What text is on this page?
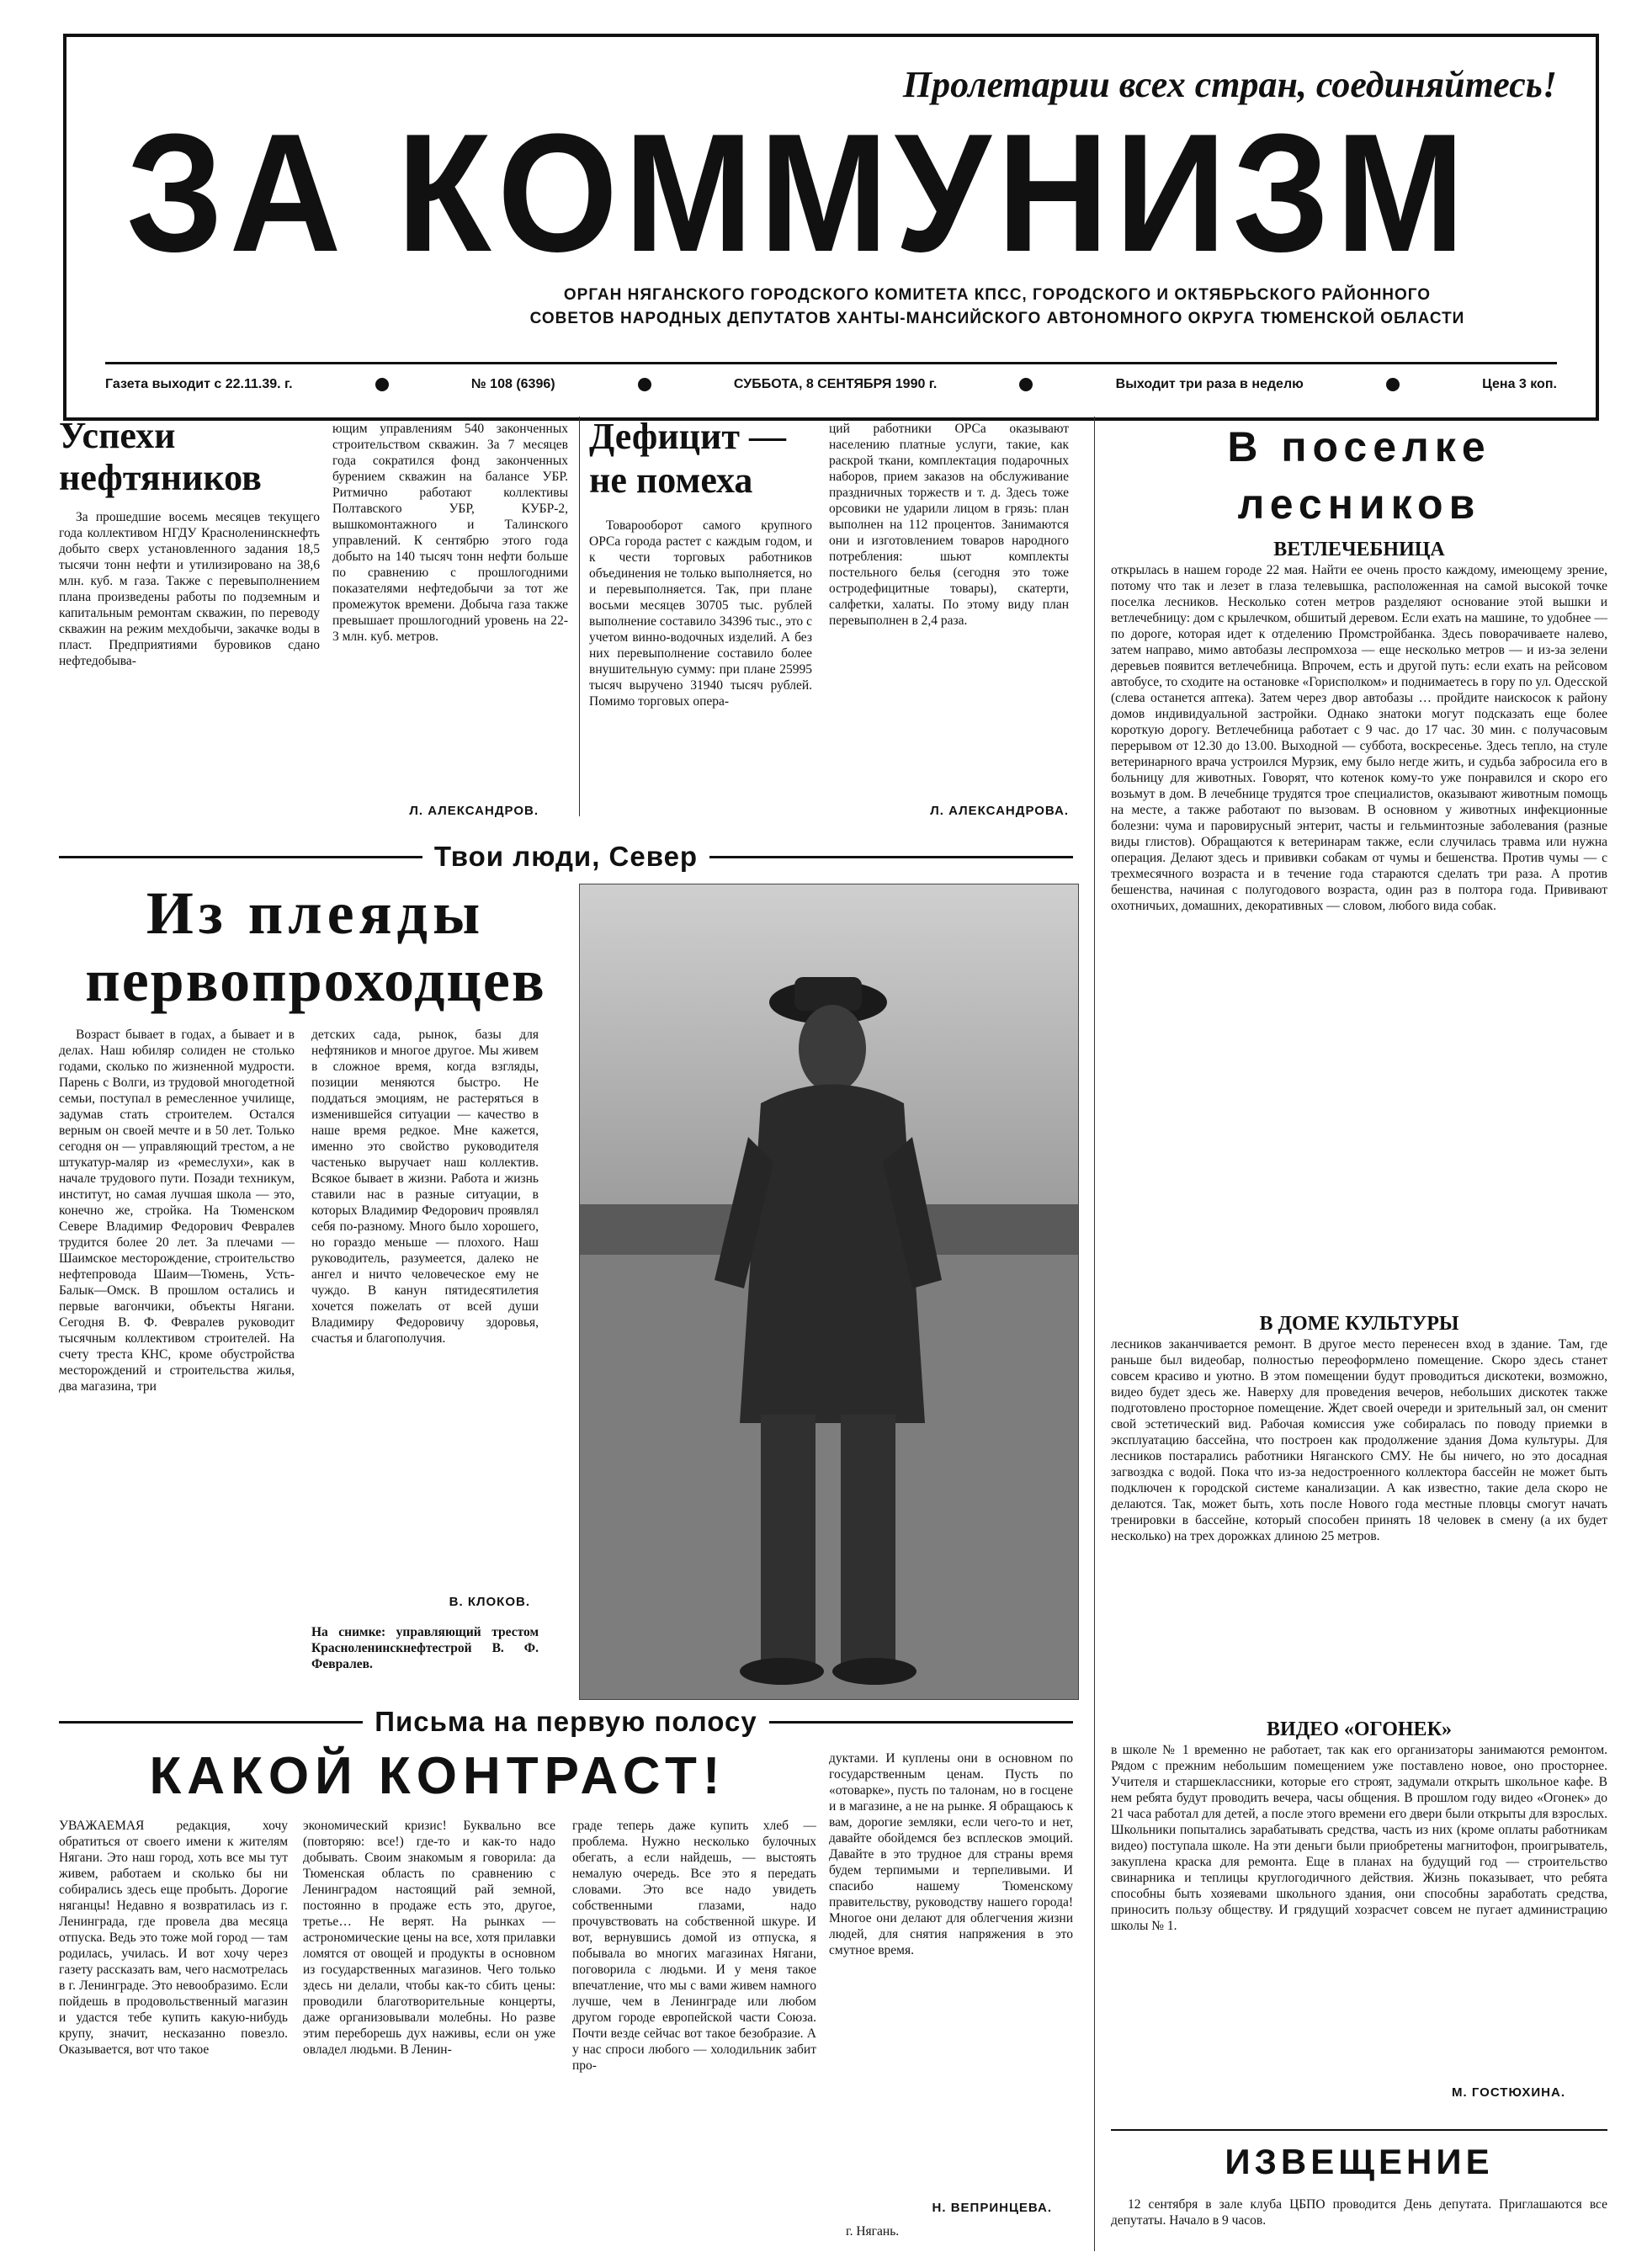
Пролетарии всех стран, соединяйтесь!
ЗА КОММУНИЗМ
ОРГАН НЯГАНСКОГО ГОРОДСКОГО КОМИТЕТА КПСС, ГОРОДСКОГО И ОКТЯБРЬСКОГО РАЙОННОГО
СОВЕТОВ НАРОДНЫХ ДЕПУТАТОВ ХАНТЫ-МАНСИЙСКОГО АВТОНОМНОГО ОКРУГА ТЮМЕНСКОЙ ОБЛАСТИ
Газета выходит с 22.11.39. г.	№ 108 (6396)	СУББОТА, 8 СЕНТЯБРЯ 1990 г.	Выходит три раза в неделю	Цена 3 коп.
Успехи нефтяников
За прошедшие восемь месяцев текущего года коллективом НГДУ Красноленинскнефть добыто сверх установленного задания 18,5 тысячи тонн нефти и утилизировано на 38,6 млн. куб. м газа. Также с перевыполнением плана произведены работы по подземным и капитальным ремонтам скважин, по переводу скважин на режим мехдобычи, закачке воды в пласт. Предприятиями буровиков сдано нефтедобыва-
ющим управлениям 540 законченных строительством скважин. За 7 месяцев года сократился фонд законченных бурением скважин на балансе УБР. Ритмично работают коллективы Полтавского УБР, КУБР-2, вышкомонтажного и Талинского управлений. К сентябрю этого года добыто на 140 тысяч тонн нефти больше по сравнению с прошлогодними показателями нефтедобычи за тот же промежуток времени. Добыча газа также превышает прошлогодний уровень на 22-3 млн. куб. метров.
Л. АЛЕКСАНДРОВ.
Дефицит — не помеха
Товарооборот самого крупного ОРСа города растет с каждым годом, и к чести торговых работников объединения не только выполняется, но и перевыполняется. Так, при плане восьми месяцев 30705 тыс. рублей выполнение составило 34396 тыс., это с учетом винно-водочных изделий. А без них перевыполнение составило более внушительную сумму: при плане 25995 тысяч выручено 31940 тысяч рублей. Помимо торговых опера-
ций работники ОРСа оказывают населению платные услуги, такие, как раскрой ткани, комплектация подарочных наборов, прием заказов на обслуживание праздничных торжеств и т. д. Здесь тоже орсовики не ударили лицом в грязь: план выполнен на 112 процентов. Занимаются они и изготовлением товаров народного потребления: шьют комплекты постельного белья (сегодня это тоже остродефицитные товары), скатерти, салфетки, халаты. По этому виду план перевыполнен в 2,4 раза.
Л. АЛЕКСАНДРОВА.
Твои люди, Север
Из плеяды
первопроходцев
Возраст бывает в годах, а бывает и в делах. Наш юбиляр солиден не столько годами, сколько по жизненной мудрости. Парень с Волги, из трудовой многодетной семьи, поступал в ремесленное училище, задумав стать строителем. Остался верным он своей мечте и в 50 лет. Только сегодня он — управляющий трестом, а не штукатур-маляр из «ремеслухи», как в начале трудового пути. Позади техникум, институт, но самая лучшая школа — это, конечно же, стройка. На Тюменском Севере Владимир Федорович Февралев трудится более 20 лет. За плечами — Шаимское месторождение, строительство нефтепровода Шаим—Тюмень, Усть-Балык—Омск. В прошлом остались и первые вагончики, объекты Нягани. Сегодня В. Ф. Февралев руководит тысячным коллективом строителей. На счету треста КНС, кроме обустройства месторождений и строительства жилья, два магазина, три
детских сада, рынок, базы для нефтяников и многое другое. Мы живем в сложное время, когда взгляды, позиции меняются быстро. Не поддаться эмоциям, не растеряться в изменившейся ситуации — качество в наше время редкое. Мне кажется, именно это свойство руководителя частенько выручает наш коллектив. Всякое бывает в жизни. Работа и жизнь ставили нас в разные ситуации, в которых Владимир Федорович проявлял себя по-разному. Много было хорошего, но гораздо меньше — плохого. Наш руководитель, разумеется, далеко не ангел и ничто человеческое ему не чуждо. В канун пятидесятилетия хочется пожелать от всей души Владимиру Федоровичу здоровья, счастья и благополучия.
В. КЛОКОВ.
На снимке: управляющий трестом Красноленинскнефтестрой В. Ф. Февралев.
В поселке
лесников
ВЕТЛЕЧЕБНИЦА
открылась в нашем городе 22 мая. Найти ее очень просто каждому, имеющему зрение, потому что так и лезет в глаза телевышка, расположенная на самой высокой точке поселка лесников. Несколько сотен метров разделяют основание этой вышки и ветлечебницу: дом с крылечком, обшитый деревом. Если ехать на машине, то удобнее — по дороге, которая идет к отделению Промстройбанка. Здесь поворачиваете налево, затем направо, мимо автобазы леспромхоза — еще несколько метров — и из-за зелени деревьев появится ветлечебница. Впрочем, есть и другой путь: если ехать на рейсовом автобусе, то сходите на остановке «Горисполком» и поднимаетесь в гору по ул. Одесской (слева останется аптека). Затем через двор автобазы … пройдите наискосок к району домов индивидуальной застройки. Однако знатоки могут подсказать еще более короткую дорогу. Ветлечебница работает с 9 час. до 17 час. 30 мин. с получасовым перерывом от 12.30 до 13.00. Выходной — суббота, воскресенье. Здесь тепло, на стуле ветеринарного врача устроился Мурзик, ему было негде жить, и судьба забросила его в больницу для животных. Говорят, что котенок кому-то уже понравился и скоро его возьмут в дом. В лечебнице трудятся трое специалистов, оказывают животным помощь на месте, а также работают по вызовам. В основном у животных инфекционные болезни: чума и паровирусный энтерит, часты и гельминтозные заболевания (разные виды глистов). Обращаются к ветеринарам также, если случилась травма или нужна операция. Делают здесь и прививки собакам от чумы и бешенства. Против чумы — с трехмесячного возраста и в течение года стараются сделать три раза. А против бешенства, начиная с полугодового возраста, один раз в полтора года. Прививают охотничьих, домашних, декоративных — словом, любого вида собак.
В ДОМЕ КУЛЬТУРЫ
лесников заканчивается ремонт. В другое место перенесен вход в здание. Там, где раньше был видеобар, полностью переоформлено помещение. Скоро здесь станет совсем красиво и уютно. В этом помещении будут проводиться дискотеки, возможно, видео будет здесь же. Наверху для проведения вечеров, небольших дискотек также подготовлено просторное помещение. Ждет своей очереди и зрительный зал, он сменит свой эстетический вид. Рабочая комиссия уже собиралась по поводу приемки в эксплуатацию бассейна, что построен как продолжение здания Дома культуры. Для лесников постарались работники Няганского СМУ. Не бы ничего, но это досадная загвоздка с водой. Пока что из-за недостроенного коллектора бассейн не может быть подключен к городской системе канализации. А как известно, такие дела скоро не делаются. Так, может быть, хоть после Нового года местные пловцы смогут начать тренировки в бассейне, который способен принять 18 человек в смену (а их будет несколько) на трех дорожках длиною 25 метров.
ВИДЕО «ОГОНЕК»
в школе № 1 временно не работает, так как его организаторы занимаются ремонтом. Рядом с прежним небольшим помещением уже поставлено новое, оно просторнее. Учителя и старшеклассники, которые его строят, задумали открыть школьное кафе. В нем ребята будут проводить вечера, часы общения. В прошлом году видео «Огонек» до 21 часа работал для детей, а после этого времени его двери были открыты для взрослых. Школьники попытались зарабатывать средства, часть из них (кроме оплаты работникам видео) поступала школе. На эти деньги были приобретены магнитофон, проигрыватель, закуплена краска для ремонта. Еще в планах на будущий год — строительство свинарника и теплицы круглогодичного действия. Жизнь показывает, что ребята способны быть хозяевами школьного здания, они способны заработать средства, приносить пользу обществу. И грядущий хозрасчет совсем не пугает администрацию школы № 1.
М. ГОСТЮХИНА.
ИЗВЕЩЕНИЕ
12 сентября в зале клуба ЦБПО проводится День депутата. Приглашаются все депутаты. Начало в 9 часов.
Письма на первую полосу
КАКОЙ КОНТРАСТ!
УВАЖАЕМАЯ редакция, хочу обратиться от своего имени к жителям Нягани. Это наш город, хоть все мы тут живем, работаем и сколько бы ни собирались здесь еще пробыть. Дорогие няганцы! Недавно я возвратилась из г. Ленинграда, где провела два месяца отпуска. Ведь это тоже мой город — там родилась, училась. И вот хочу через газету рассказать вам, чего насмотрелась в г. Ленинграде. Это невообразимо. Если пойдешь в продовольственный магазин и удастся тебе купить какую-нибудь крупу, значит, несказанно повезло. Оказывается, вот что такое
экономический кризис! Буквально все (повторяю: все!) где-то и как-то надо добывать. Своим знакомым я говорила: да Тюменская область по сравнению с Ленинградом настоящий рай земной, постоянно в продаже есть это, другое, третье… Не верят. На рынках — астрономические цены на все, хотя прилавки ломятся от овощей и продукты в основном из государственных магазинов. Чего только здесь ни делали, чтобы как-то сбить цены: проводили благотворительные концерты, даже организовывали молебны. Но разве этим переборешь дух наживы, если он уже овладел людьми. В Ленин-
граде теперь даже купить хлеб — проблема. Нужно несколько булочных обегать, а если найдешь, — выстоять немалую очередь. Все это я передать словами. Это все надо увидеть собственными глазами, надо прочувствовать на собственной шкуре. И вот, вернувшись домой из отпуска, я побывала во многих магазинах Нягани, поговорила с людьми. И у меня такое впечатление, что мы с вами живем намного лучше, чем в Ленинграде или любом другом городе европейской части Союза. Почти везде сейчас вот такое безобразие. А у нас спроси любого — холодильник забит про-
дуктами. И куплены они в основном по государственным ценам. Пусть по «отоварке», пусть по талонам, но в госцене и в магазине, а не на рынке. Я обращаюсь к вам, дорогие земляки, если чего-то и нет, давайте обойдемся без всплесков эмоций. Давайте в это трудное для страны время будем терпимыми и терпеливыми. И спасибо нашему Тюменскому правительству, руководству нашего города! Многое они делают для облегчения жизни людей, для снятия напряжения в это смутное время.
Н. ВЕПРИНЦЕВА.
г. Нягань.
